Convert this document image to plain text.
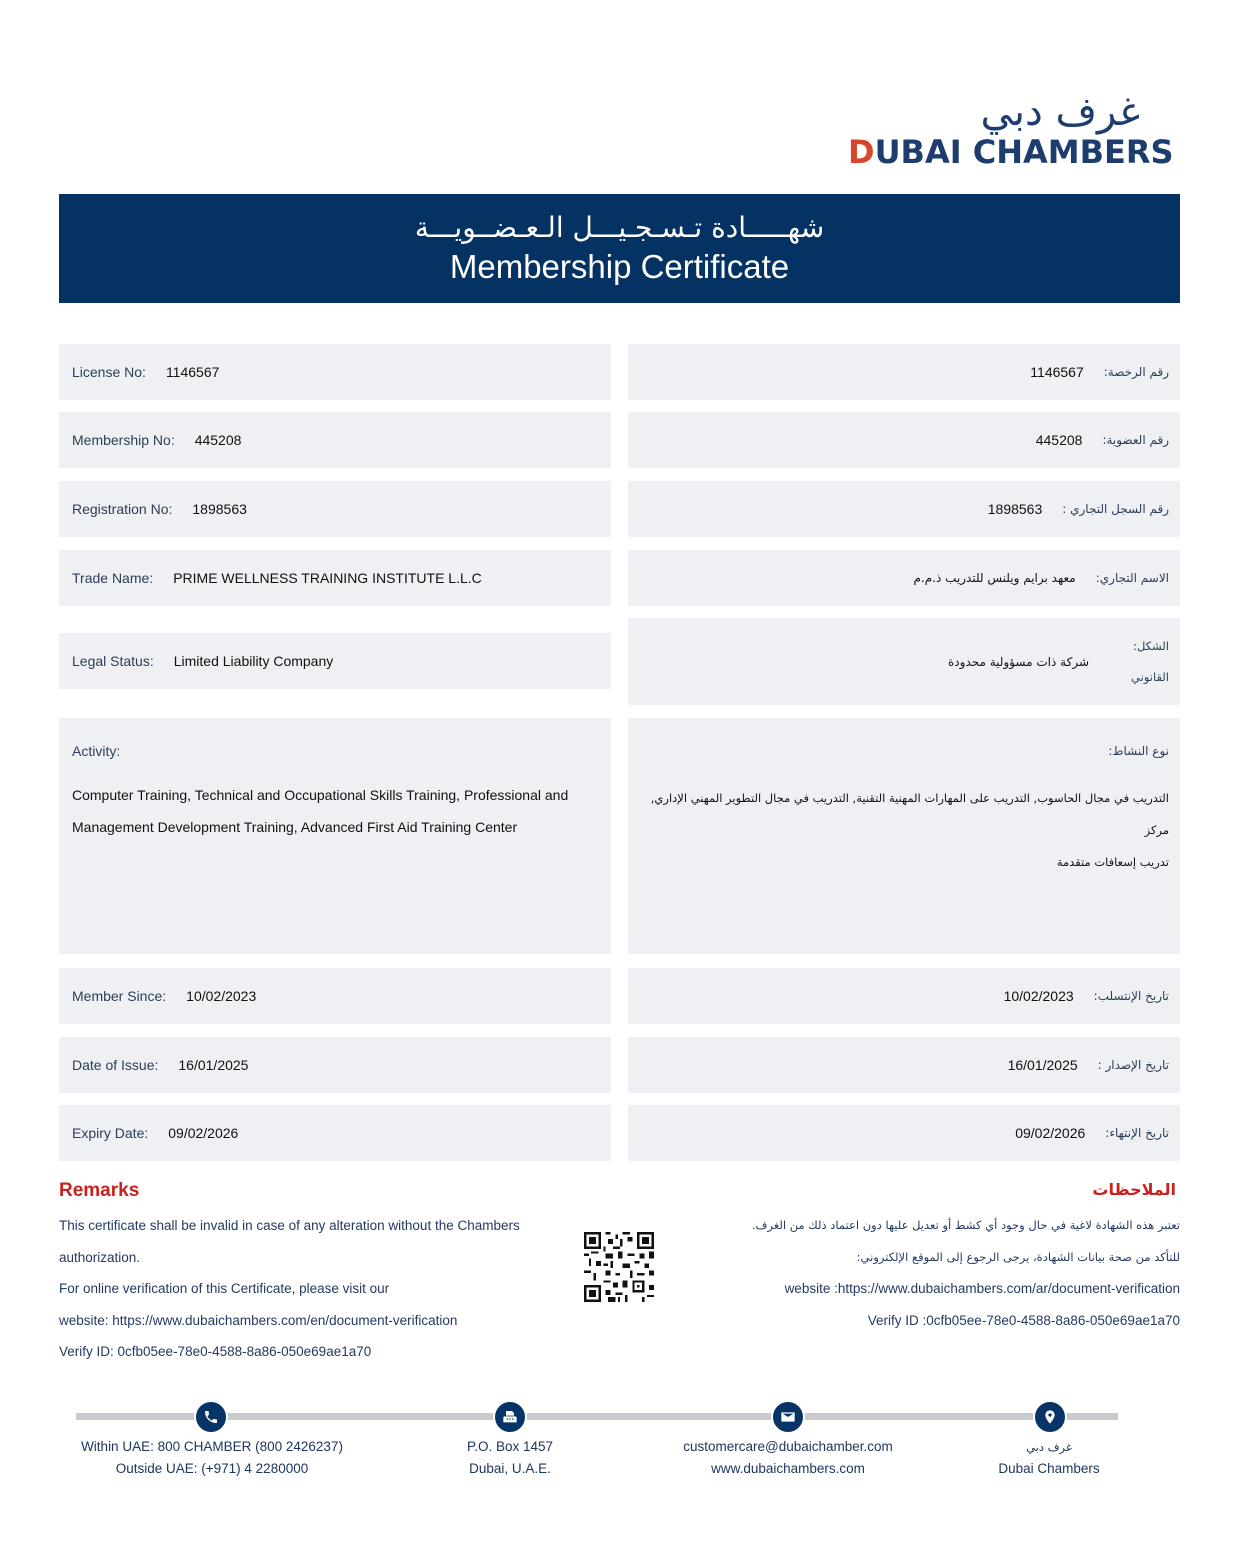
غرف دبي
DUBAI CHAMBERS
شهـــــادة تـسـجـيـــل الـعـضــويـــة
Membership Certificate
License No: 1146567	رقم الرخصة:
1146567
Membership No: 445208	رقم العضوية:
445208
Registration No: 1898563	رقم السجل التجاري :
1898563
Trade Name: PRIME WELLNESS TRAINING INSTITUTE L.L.C	الاسم التجاري:
معهد برايم ويلنس للتدريب ذ.م.م
Legal Status: Limited Liability Company
الشكل:
القانوني
شركة ذات مسؤولية محدودة
Activity:
Computer Training, Technical and Occupational Skills Training, Professional and
Management Development Training, Advanced First Aid Training Center
نوع النشاط:
التدريب في مجال الحاسوب, التدريب على المهارات المهنية التقنية, التدريب في مجال التطوير المهني الإداري, مركز
تدريب إسعافات متقدمة
Member Since: 10/02/2023	تاريخ الإنتسلب:
10/02/2023
Date of Issue: 16/01/2025	تاريخ الإصدار :
16/01/2025
Expiry Date: 09/02/2026	تاريخ الإنتهاء:
09/02/2026
Remarks	الملاحظات
This certificate shall be invalid in case of any alteration without the Chambers
authorization.
For online verification of this Certificate, please visit our
website: https://www.dubaichambers.com/en/document-verification
Verify ID: 0cfb05ee-78e0-4588-8a86-050e69ae1a70
تعتبر هذه الشهادة لاغية في حال وجود أي كشط أو تعديل عليها دون اعتماد ذلك من الغرف.
للتأكد من صحة بيانات الشهادة، يرجى الرجوع إلى الموقع الإلكتروني:
website :https://www.dubaichambers.com/ar/document-verification
Verify ID :0cfb05ee-78e0-4588-8a86-050e69ae1a70
Within UAE: 800 CHAMBER (800 2426237)
Outside UAE: (+971) 4 2280000
P.O. Box 1457
Dubai, U.A.E.
customercare@dubaichamber.com
www.dubaichambers.com
غرف دبي
Dubai Chambers
